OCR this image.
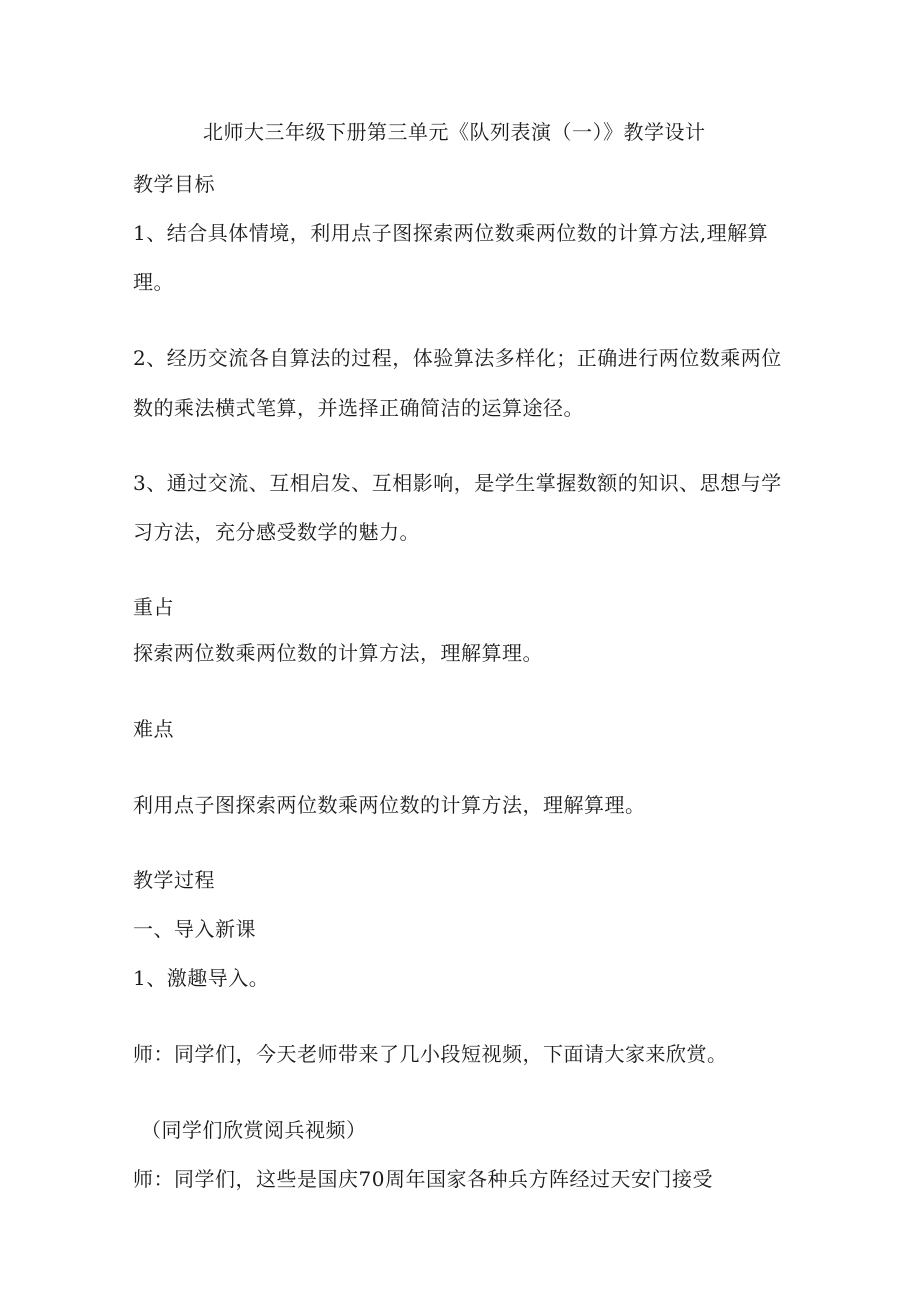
北师大三年级下册第三单元《队列表演（一）》教学设计
教学目标
1、结合具体情境，利用点子图探索两位数乘两位数的计算方法,理解算
理。
2、经历交流各自算法的过程，体验算法多样化；正确进行两位数乘两位
数的乘法横式笔算，并选择正确简洁的运算途径。
3、通过交流、互相启发、互相影响，是学生掌握数额的知识、思想与学
习方法，充分感受数学的魅力。
重占
探索两位数乘两位数的计算方法，理解算理。
难点
利用点子图探索两位数乘两位数的计算方法，理解算理。
教学过程
一、导入新课
1、激趣导入。
师：同学们，今天老师带来了几小段短视频，下面请大家来欣赏。
（同学们欣赏阅兵视频）
师：同学们，这些是国庆70周年国家各种兵方阵经过天安门接受
